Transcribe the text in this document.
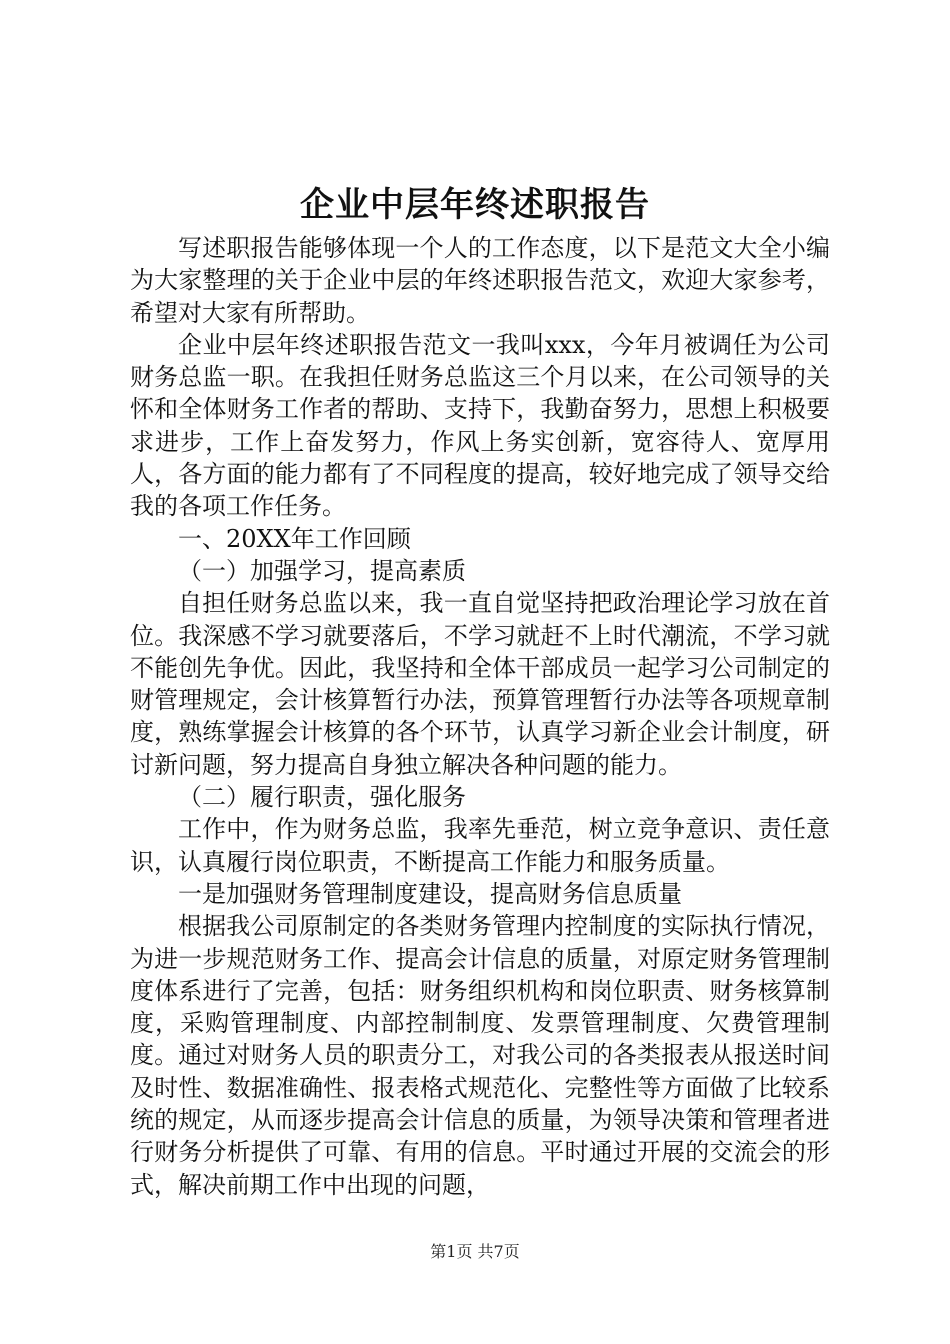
企业中层年终述职报告

写述职报告能够体现一个人的工作态度，以下是范文大全小编为大家整理的关于企业中层的年终述职报告范文，欢迎大家参考，希望对大家有所帮助。

企业中层年终述职报告范文一我叫xxx，今年月被调任为公司财务总监一职。在我担任财务总监这三个月以来，在公司领导的关怀和全体财务工作者的帮助、支持下，我勤奋努力，思想上积极要求进步，工作上奋发努力，作风上务实创新，宽容待人、宽厚用人，各方面的能力都有了不同程度的提高，较好地完成了领导交给我的各项工作任务。

一、20XX年工作回顾

（一）加强学习，提高素质

自担任财务总监以来，我一直自觉坚持把政治理论学习放在首位。我深感不学习就要落后，不学习就赶不上时代潮流，不学习就不能创先争优。因此，我坚持和全体干部成员一起学习公司制定的财管理规定，会计核算暂行办法，预算管理暂行办法等各项规章制度，熟练掌握会计核算的各个环节，认真学习新企业会计制度，研讨新问题，努力提高自身独立解决各种问题的能力。

（二）履行职责，强化服务

工作中，作为财务总监，我率先垂范，树立竞争意识、责任意识，认真履行岗位职责，不断提高工作能力和服务质量。

一是加强财务管理制度建设，提高财务信息质量

根据我公司原制定的各类财务管理内控制度的实际执行情况，为进一步规范财务工作、提高会计信息的质量，对原定财务管理制度体系进行了完善，包括：财务组织机构和岗位职责、财务核算制度，采购管理制度、内部控制制度、发票管理制度、欠费管理制度。通过对财务人员的职责分工，对我公司的各类报表从报送时间及时性、数据准确性、报表格式规范化、完整性等方面做了比较系统的规定，从而逐步提高会计信息的质量，为领导决策和管理者进行财务分析提供了可靠、有用的信息。平时通过开展的交流会的形式，解决前期工作中出现的问题，

第1页 共7页
